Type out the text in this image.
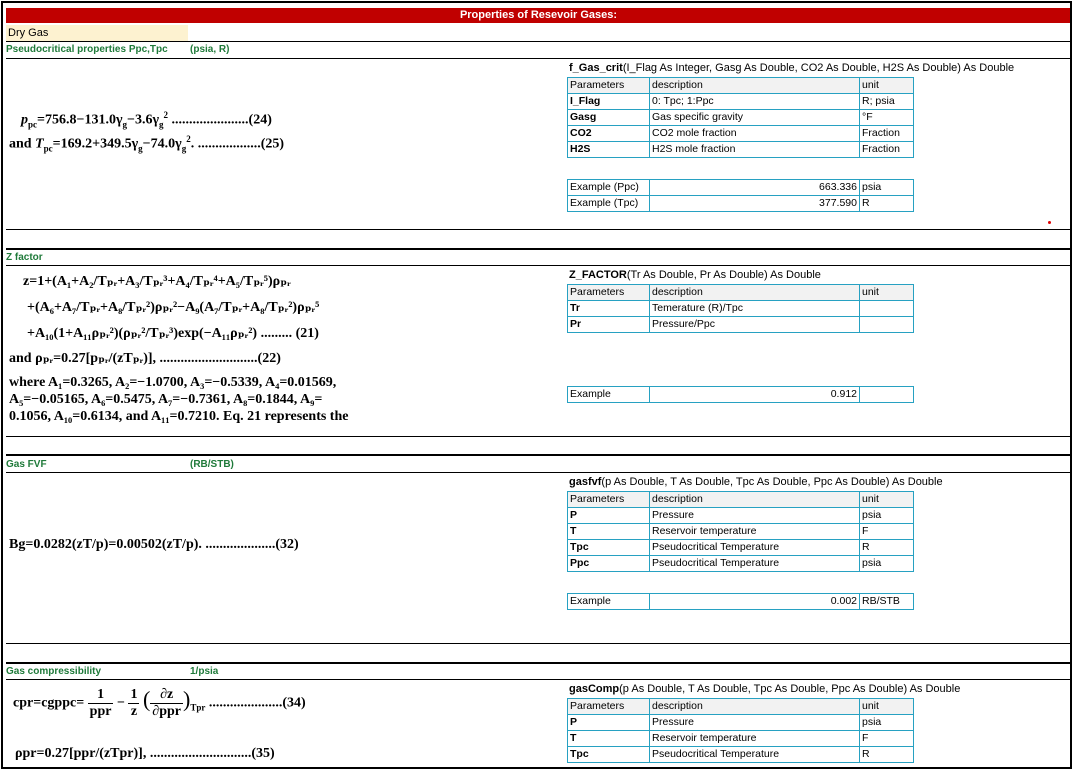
Properties of Resevoir Gases:
Dry Gas
Pseudocritical properties Ppc,Tpc (psia, R)
f_Gas_crit(I_Flag As Integer, Gasg As Double, CO2 As Double, H2S As Double) As Double
Parameters	description	unit
I_Flag	0: Tpc; 1:Ppc	R; psia
Gasg	Gas specific gravity	°F
CO2	CO2 mole fraction	Fraction
H2S	H2S mole fraction	Fraction
Example (Ppc)	663.336	psia
Example (Tpc)	377.590	R
$p_{pc}=756.8-131.0\gamma_g-3.6\gamma_g^2$ ......................(24)
and $T_{pc}=169.2+349.5\gamma_g-74.0\gamma_g^2$. ..................(25)
Z factor
Z_FACTOR(Tr As Double, Pr As Double) As Double
Parameters	description	unit
Tr	Temerature (R)/Tpc	
Pr	Pressure/Ppc	
Example	0.912	
z=1+(A₁+A₂/Tₚᵣ+A₃/Tₚᵣ³+A₄/Tₚᵣ⁴+A₅/Tₚᵣ⁵)ρₚᵣ
+(A₆+A₇/Tₚᵣ+A₈/Tₚᵣ²)ρₚᵣ²−A₉(A₇/Tₚᵣ+A₈/Tₚᵣ²)ρₚᵣ⁵
+A₁₀(1+A₁₁ρₚᵣ²)(ρₚᵣ²/Tₚᵣ³)exp(−A₁₁ρₚᵣ²) ......... (21)
and ρₚᵣ=0.27[pₚᵣ/(zTₚᵣ)], ............................(22)
where A₁=0.3265, A₂=−1.0700, A₃=−0.5339, A₄=0.01569,
A₅=−0.05165, A₆=0.5475, A₇=−0.7361, A₈=0.1844, A₉=
0.1056, A₁₀=0.6134, and A₁₁=0.7210. Eq. 21 represents the
Gas FVF	(RB/STB)
gasfvf(p As Double, T As Double, Tpc As Double, Ppc As Double) As Double
Parameters	description	unit
P	Pressure	psia
T	Reservoir temperature	F
Tpc	Pseudocritical Temperature	R
Ppc	Pseudocritical Temperature	psia
Example	0.002	RB/STB
Bg=0.0282(zT/p)=0.00502(zT/p). ....................(32)
Gas compressibility	1/psia
gasComp(p As Double, T As Double, Tpc As Double, Ppc As Double) As Double
Parameters	description	unit
P	Pressure	psia
T	Reservoir temperature	F
Tpc	Pseudocritical Temperature	R
cpr=cgppc= $\frac{1}{\text{ppr}} - \frac{1}{z}$ ( $\frac{\partial z}{\text{∂ppr}} )_{Tpr}$ .....................(34)
ρpr=0.27[ppr/(zTpr)], .............................(35)
